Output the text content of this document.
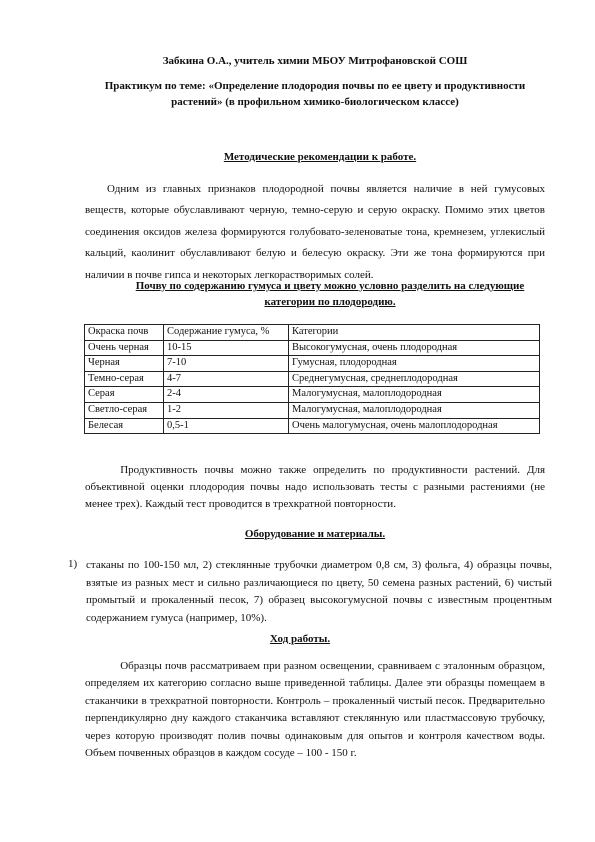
Забкина О.А., учитель химии МБОУ Митрофановской СОШ

Практикум по теме: «Определение плодородия почвы по ее цвету и продуктивности растений» (в профильном химико-биологическом классе)

Методические рекомендации к работе.

Одним из главных признаков плодородной почвы является наличие в ней гумусовых веществ, которые обуславливают черную, темно-серую и серую окраску. Помимо этих цветов соединения оксидов железа формируются голубовато-зеленоватые тона, кремнезем, углекислый кальций, каолинит обуславливают белую и белесую окраску. Эти же тона формируются при наличии в почве гипса и некоторых легкорастворимых солей.

Почву по содержанию гумуса и цвету можно условно разделить на следующие категории по плодородию.

Окраска почв	Содержание гумуса, %	Категории
Очень черная	10-15	Высокогумусная, очень плодородная
Черная	7-10	Гумусная, плодородная
Темно-серая	4-7	Среднегумусная, среднеплодородная
Серая	2-4	Малогумусная, малоплодородная
Светло-серая	1-2	Малогумусная, малоплодородная
Белесая	0,5-1	Очень малогумусная, очень малоплодородная

Продуктивность почвы можно также определить по продуктивности растений. Для объективной оценки плодородия почвы надо использовать тесты с разными растениями (не менее трех). Каждый тест проводится в трехкратной повторности.

Оборудование и материалы.

1) стаканы по 100-150 мл, 2) стеклянные трубочки диаметром 0,8 см, 3) фольга, 4) образцы почвы, взятые из разных мест и сильно различающиеся по цвету, 50 семена разных растений, 6) чистый промытый и прокаленный песок, 7) образец высокогумусной почвы с известным процентным содержанием гумуса (например, 10%).

Ход работы.

Образцы почв рассматриваем при разном освещении, сравниваем с эталонным образцом, определяем их категорию согласно выше приведенной таблицы. Далее эти образцы помещаем в стаканчики в трехкратной повторности. Контроль – прокаленный чистый песок. Предварительно перпендикулярно дну каждого стаканчика вставляют стеклянную или пластмассовую трубочку, через которую производят полив почвы одинаковым для опытов и контроля качеством воды. Объем почвенных образцов в каждом сосуде – 100 - 150 г.
